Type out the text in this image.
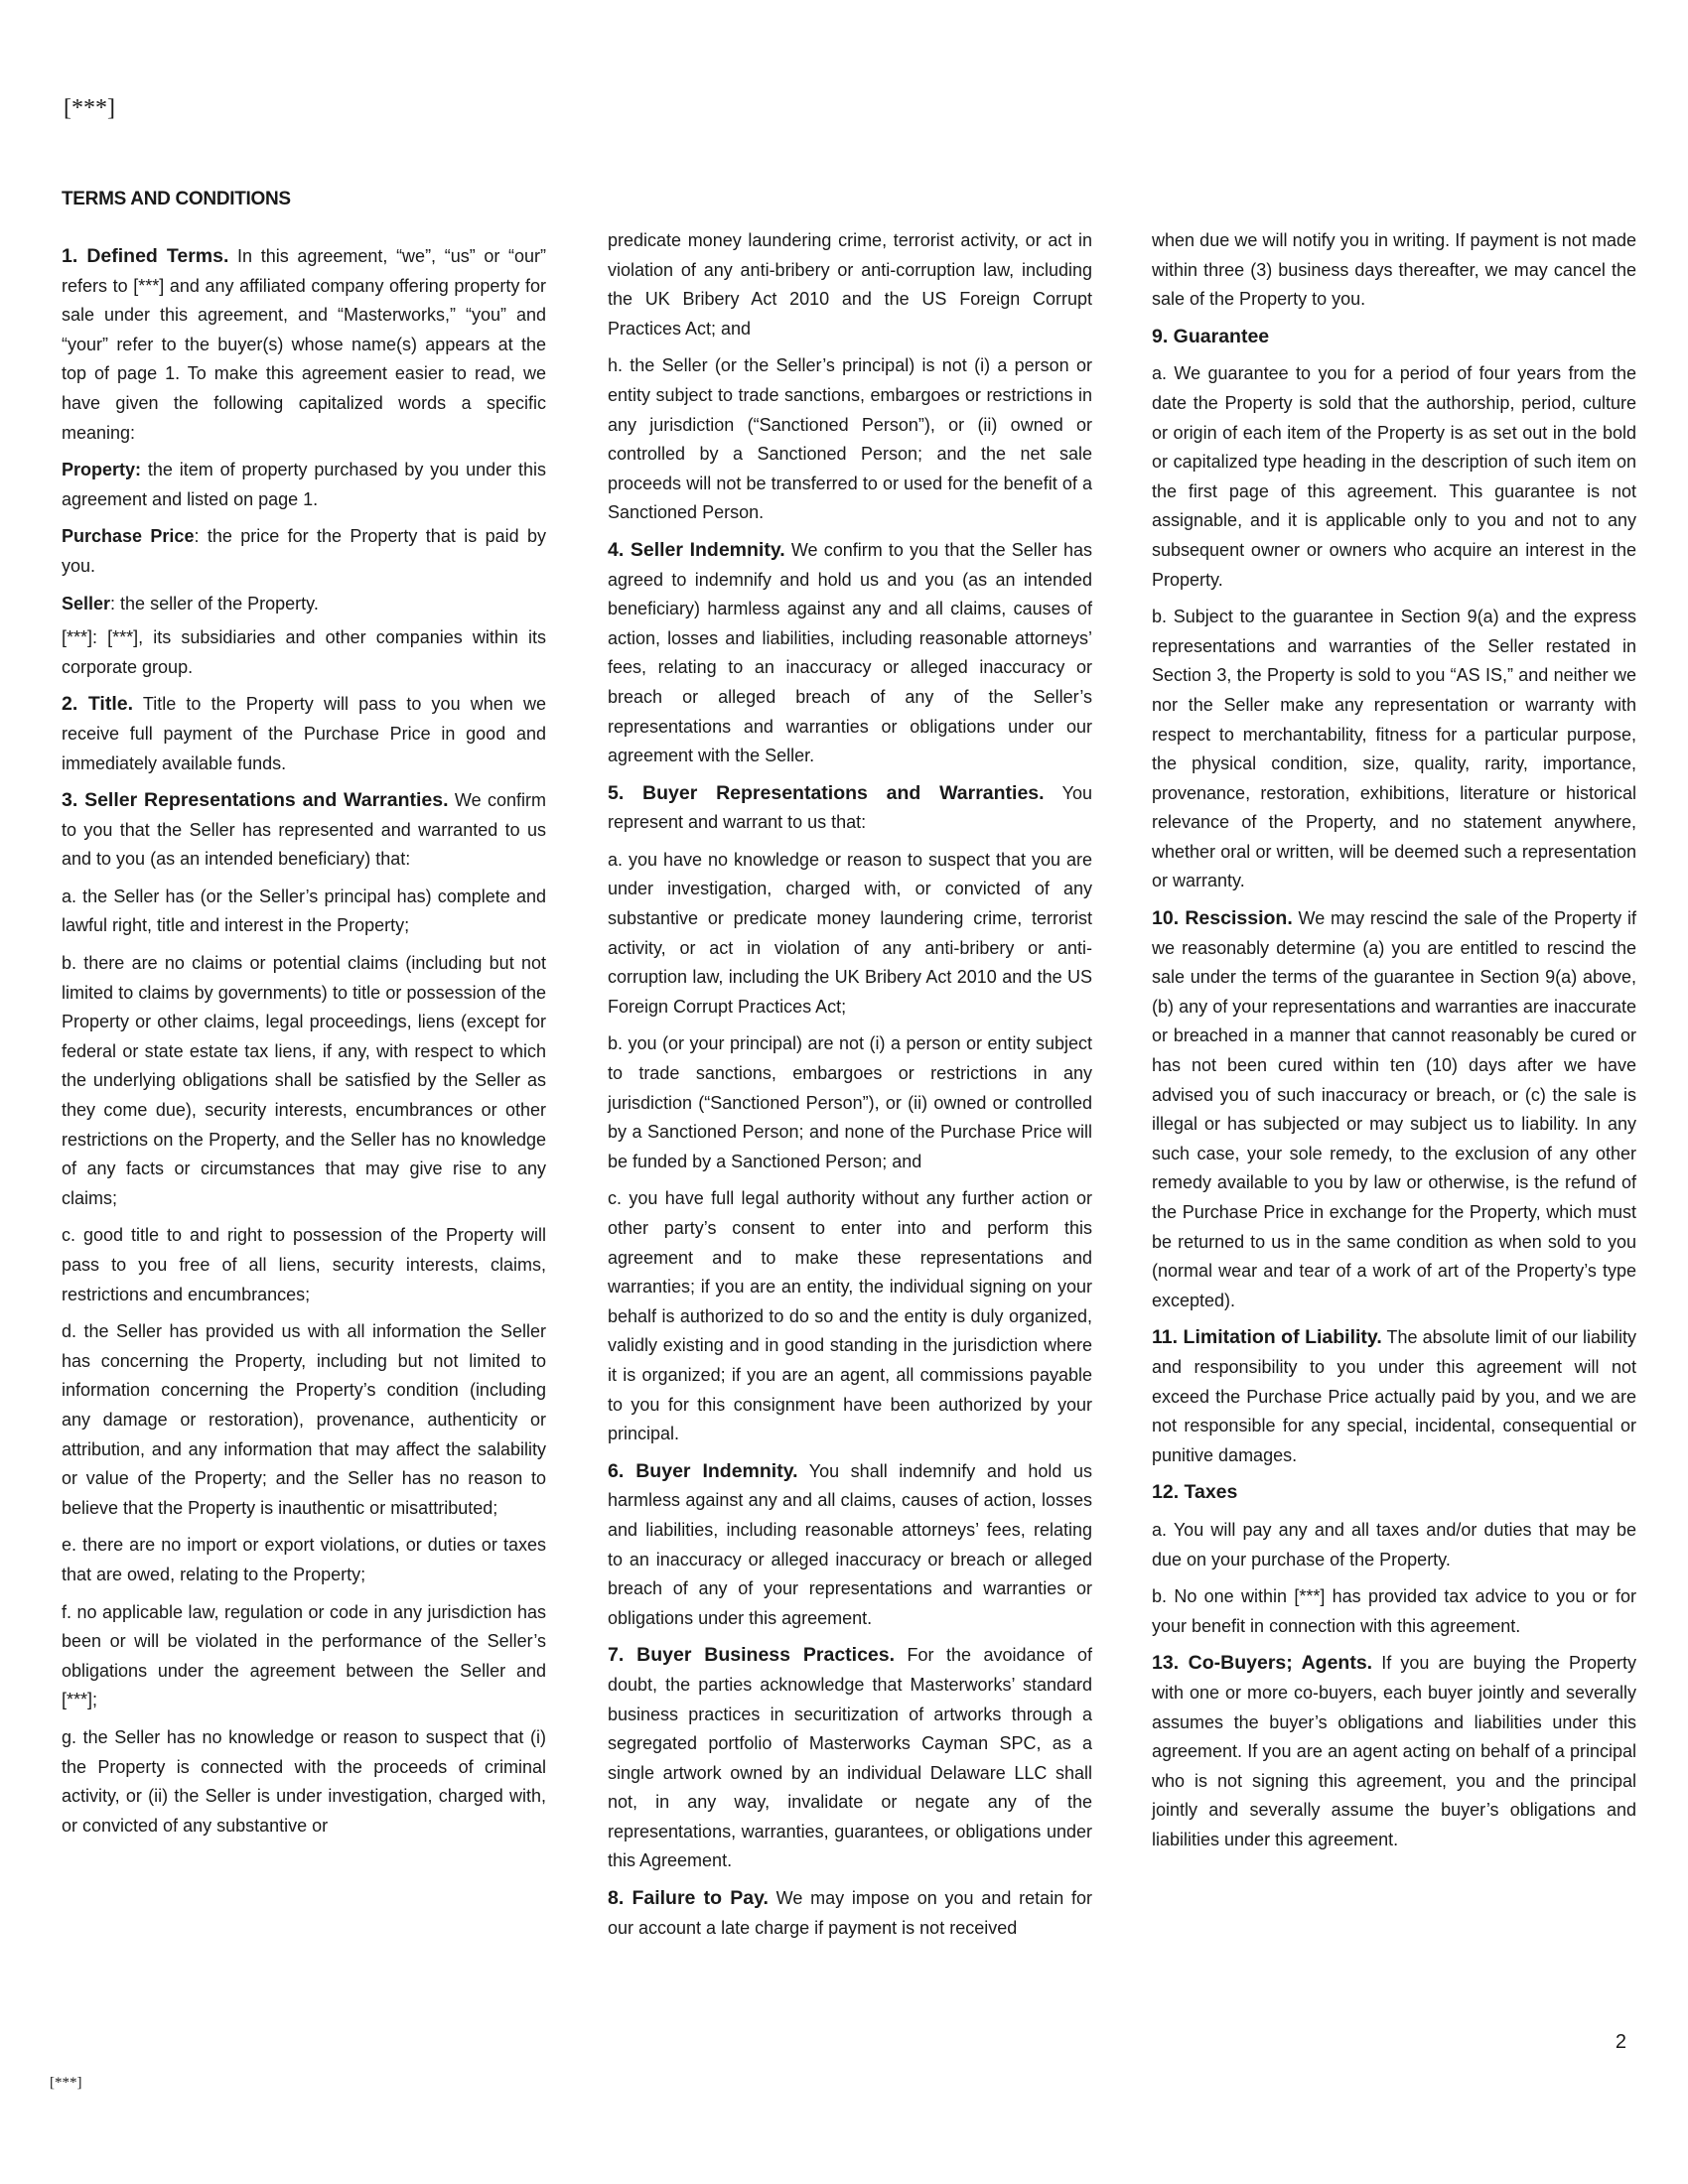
[***]
TERMS AND CONDITIONS

1. Defined Terms. In this agreement, “we”, “us” or “our” refers to [***] and any affiliated company offering property for sale under this agreement, and “Masterworks,” “you” and “your” refer to the buyer(s) whose name(s) appears at the top of page 1. To make this agreement easier to read, we have given the following capitalized words a specific meaning:

Property: the item of property purchased by you under this agreement and listed on page 1.

Purchase Price: the price for the Property that is paid by you.

Seller: the seller of the Property.

[***]: [***], its subsidiaries and other companies within its corporate group.

2. Title. Title to the Property will pass to you when we receive full payment of the Purchase Price in good and immediately available funds.

3. Seller Representations and Warranties. We confirm to you that the Seller has represented and warranted to us and to you (as an intended beneficiary) that:

a. the Seller has (or the Seller’s principal has) complete and lawful right, title and interest in the Property;

b. there are no claims or potential claims (including but not limited to claims by governments) to title or possession of the Property or other claims, legal proceedings, liens (except for federal or state estate tax liens, if any, with respect to which the underlying obligations shall be satisfied by the Seller as they come due), security interests, encumbrances or other restrictions on the Property, and the Seller has no knowledge of any facts or circumstances that may give rise to any claims;

c. good title to and right to possession of the Property will pass to you free of all liens, security interests, claims, restrictions and encumbrances;

d. the Seller has provided us with all information the Seller has concerning the Property, including but not limited to information concerning the Property’s condition (including any damage or restoration), provenance, authenticity or attribution, and any information that may affect the salability or value of the Property; and the Seller has no reason to believe that the Property is inauthentic or misattributed;

e. there are no import or export violations, or duties or taxes that are owed, relating to the Property;

f. no applicable law, regulation or code in any jurisdiction has been or will be violated in the performance of the Seller’s obligations under the agreement between the Seller and [***];

g. the Seller has no knowledge or reason to suspect that (i) the Property is connected with the proceeds of criminal activity, or (ii) the Seller is under investigation, charged with, or convicted of any substantive or

predicate money laundering crime, terrorist activity, or act in violation of any anti-bribery or anti-corruption law, including the UK Bribery Act 2010 and the US Foreign Corrupt Practices Act; and

h. the Seller (or the Seller’s principal) is not (i) a person or entity subject to trade sanctions, embargoes or restrictions in any jurisdiction (“Sanctioned Person”), or (ii) owned or controlled by a Sanctioned Person; and the net sale proceeds will not be transferred to or used for the benefit of a Sanctioned Person.

4. Seller Indemnity. We confirm to you that the Seller has agreed to indemnify and hold us and you (as an intended beneficiary) harmless against any and all claims, causes of action, losses and liabilities, including reasonable attorneys’ fees, relating to an inaccuracy or alleged inaccuracy or breach or alleged breach of any of the Seller’s representations and warranties or obligations under our agreement with the Seller.

5. Buyer Representations and Warranties. You represent and warrant to us that:

a. you have no knowledge or reason to suspect that you are under investigation, charged with, or convicted of any substantive or predicate money laundering crime, terrorist activity, or act in violation of any anti-bribery or anti-corruption law, including the UK Bribery Act 2010 and the US Foreign Corrupt Practices Act;

b. you (or your principal) are not (i) a person or entity subject to trade sanctions, embargoes or restrictions in any jurisdiction (“Sanctioned Person”), or (ii) owned or controlled by a Sanctioned Person; and none of the Purchase Price will be funded by a Sanctioned Person; and

c. you have full legal authority without any further action or other party’s consent to enter into and perform this agreement and to make these representations and warranties; if you are an entity, the individual signing on your behalf is authorized to do so and the entity is duly organized, validly existing and in good standing in the jurisdiction where it is organized; if you are an agent, all commissions payable to you for this consignment have been authorized by your principal.

6. Buyer Indemnity. You shall indemnify and hold us harmless against any and all claims, causes of action, losses and liabilities, including reasonable attorneys’ fees, relating to an inaccuracy or alleged inaccuracy or breach or alleged breach of any of your representations and warranties or obligations under this agreement.

7. Buyer Business Practices. For the avoidance of doubt, the parties acknowledge that Masterworks’ standard business practices in securitization of artworks through a segregated portfolio of Masterworks Cayman SPC, as a single artwork owned by an individual Delaware LLC shall not, in any way, invalidate or negate any of the representations, warranties, guarantees, or obligations under this Agreement.

8. Failure to Pay. We may impose on you and retain for our account a late charge if payment is not received

when due we will notify you in writing. If payment is not made within three (3) business days thereafter, we may cancel the sale of the Property to you.

9. Guarantee

a. We guarantee to you for a period of four years from the date the Property is sold that the authorship, period, culture or origin of each item of the Property is as set out in the bold or capitalized type heading in the description of such item on the first page of this agreement. This guarantee is not assignable, and it is applicable only to you and not to any subsequent owner or owners who acquire an interest in the Property.

b. Subject to the guarantee in Section 9(a) and the express representations and warranties of the Seller restated in Section 3, the Property is sold to you “AS IS,” and neither we nor the Seller make any representation or warranty with respect to merchantability, fitness for a particular purpose, the physical condition, size, quality, rarity, importance, provenance, restoration, exhibitions, literature or historical relevance of the Property, and no statement anywhere, whether oral or written, will be deemed such a representation or warranty.

10. Rescission. We may rescind the sale of the Property if we reasonably determine (a) you are entitled to rescind the sale under the terms of the guarantee in Section 9(a) above, (b) any of your representations and warranties are inaccurate or breached in a manner that cannot reasonably be cured or has not been cured within ten (10) days after we have advised you of such inaccuracy or breach, or (c) the sale is illegal or has subjected or may subject us to liability. In any such case, your sole remedy, to the exclusion of any other remedy available to you by law or otherwise, is the refund of the Purchase Price in exchange for the Property, which must be returned to us in the same condition as when sold to you (normal wear and tear of a work of art of the Property’s type excepted).

11. Limitation of Liability. The absolute limit of our liability and responsibility to you under this agreement will not exceed the Purchase Price actually paid by you, and we are not responsible for any special, incidental, consequential or punitive damages.

12. Taxes

a. You will pay any and all taxes and/or duties that may be due on your purchase of the Property.

b. No one within [***] has provided tax advice to you or for your benefit in connection with this agreement.

13. Co-Buyers; Agents. If you are buying the Property with one or more co-buyers, each buyer jointly and severally assumes the buyer’s obligations and liabilities under this agreement. If you are an agent acting on behalf of a principal who is not signing this agreement, you and the principal jointly and severally assume the buyer’s obligations and liabilities under this agreement.

2
[***]
